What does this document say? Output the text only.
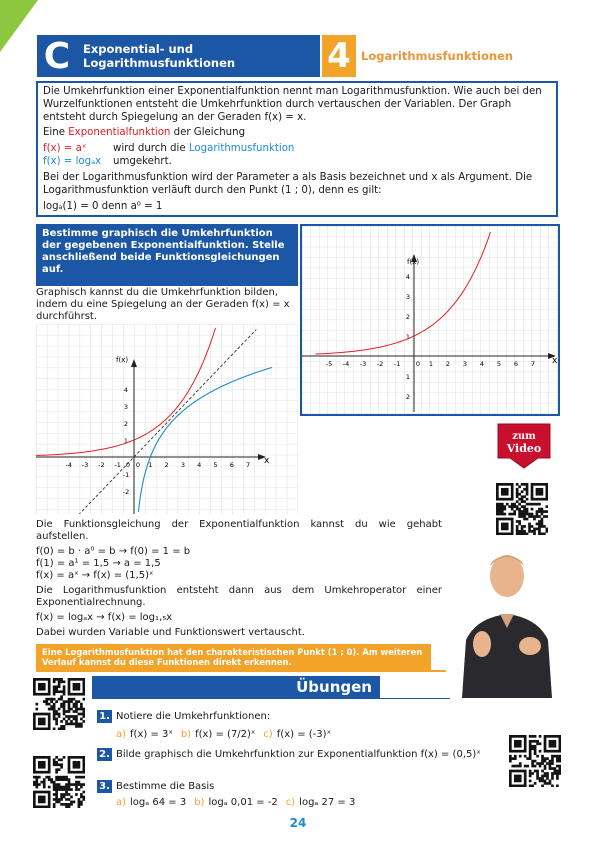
C	Exponential- und Logarithmusfunktionen	4 Logarithmusfunktionen

Die Umkehrfunktion einer Exponentialfunktion nennt man Logarithmusfunktion. Wie auch bei den Wurzelfunktionen entsteht die Umkehrfunktion durch vertauschen der Variablen. Der Graph entsteht durch Spiegelung an der Geraden f(x) = x.

Eine Exponentialfunktion der Gleichung

f(x) = aˣ	wird durch die Logarithmusfunktion

f(x) = logₐx	umgekehrt.

Bei der Logarithmusfunktion wird der Parameter a als Basis bezeichnet und x als Argument. Die Logarithmusfunktion verläuft durch den Punkt (1 ; 0), denn es gilt:

logₐ(1) = 0 denn a⁰ = 1

Bestimme graphisch die Umkehrfunktion der gegebenen Exponentialfunktion. Stelle anschließend beide Funktionsgleichungen auf.
Graphisch kannst du die Umkehrfunktion bilden, indem du eine Spiegelung an der Geraden f(x) = x durchführst.
f(x)
x
-5 -4 -3 -2 -1 0 1 2 3 4 5 6 7
4
3
2
1
1
2
f(x)
x
-4 -3 -2 -1 0 1 2 3 4 5 6 7
4
3
2
1
0
-1
-2
zum
Video
Die Funktionsgleichung der Exponentialfunktion kannst du wie gehabt aufstellen.
f(0) = b · a⁰ = b → f(0) = 1 = b
f(1) = a¹ = 1,5 → a = 1,5
f(x) = aˣ → f(x) = (1,5)ˣ
Die Logarithmusfunktion entsteht dann aus dem Umkehroperator einer Exponentialrechnung.
f(x) = logₐx → f(x) = log₁,₅x
Dabei wurden Variable und Funktionswert vertauscht.
Eine Logarithmusfunktion hat den charakteristischen Punkt (1 ; 0). Am weiteren Verlauf kannst du diese Funktionen direkt erkennen.
Übungen
1. Notiere die Umkehrfunktionen:
a) f(x) = 3ˣ b) f(x) = (7/2)ˣ c) f(x) = (-3)ˣ
2. Bilde graphisch die Umkehrfunktion zur Exponentialfunktion f(x) = (0,5)ˣ
3. Bestimme die Basis
a) logₐ 64 = 3 b) logₐ 0,01 = -2 c) logₐ 27 = 3
24
